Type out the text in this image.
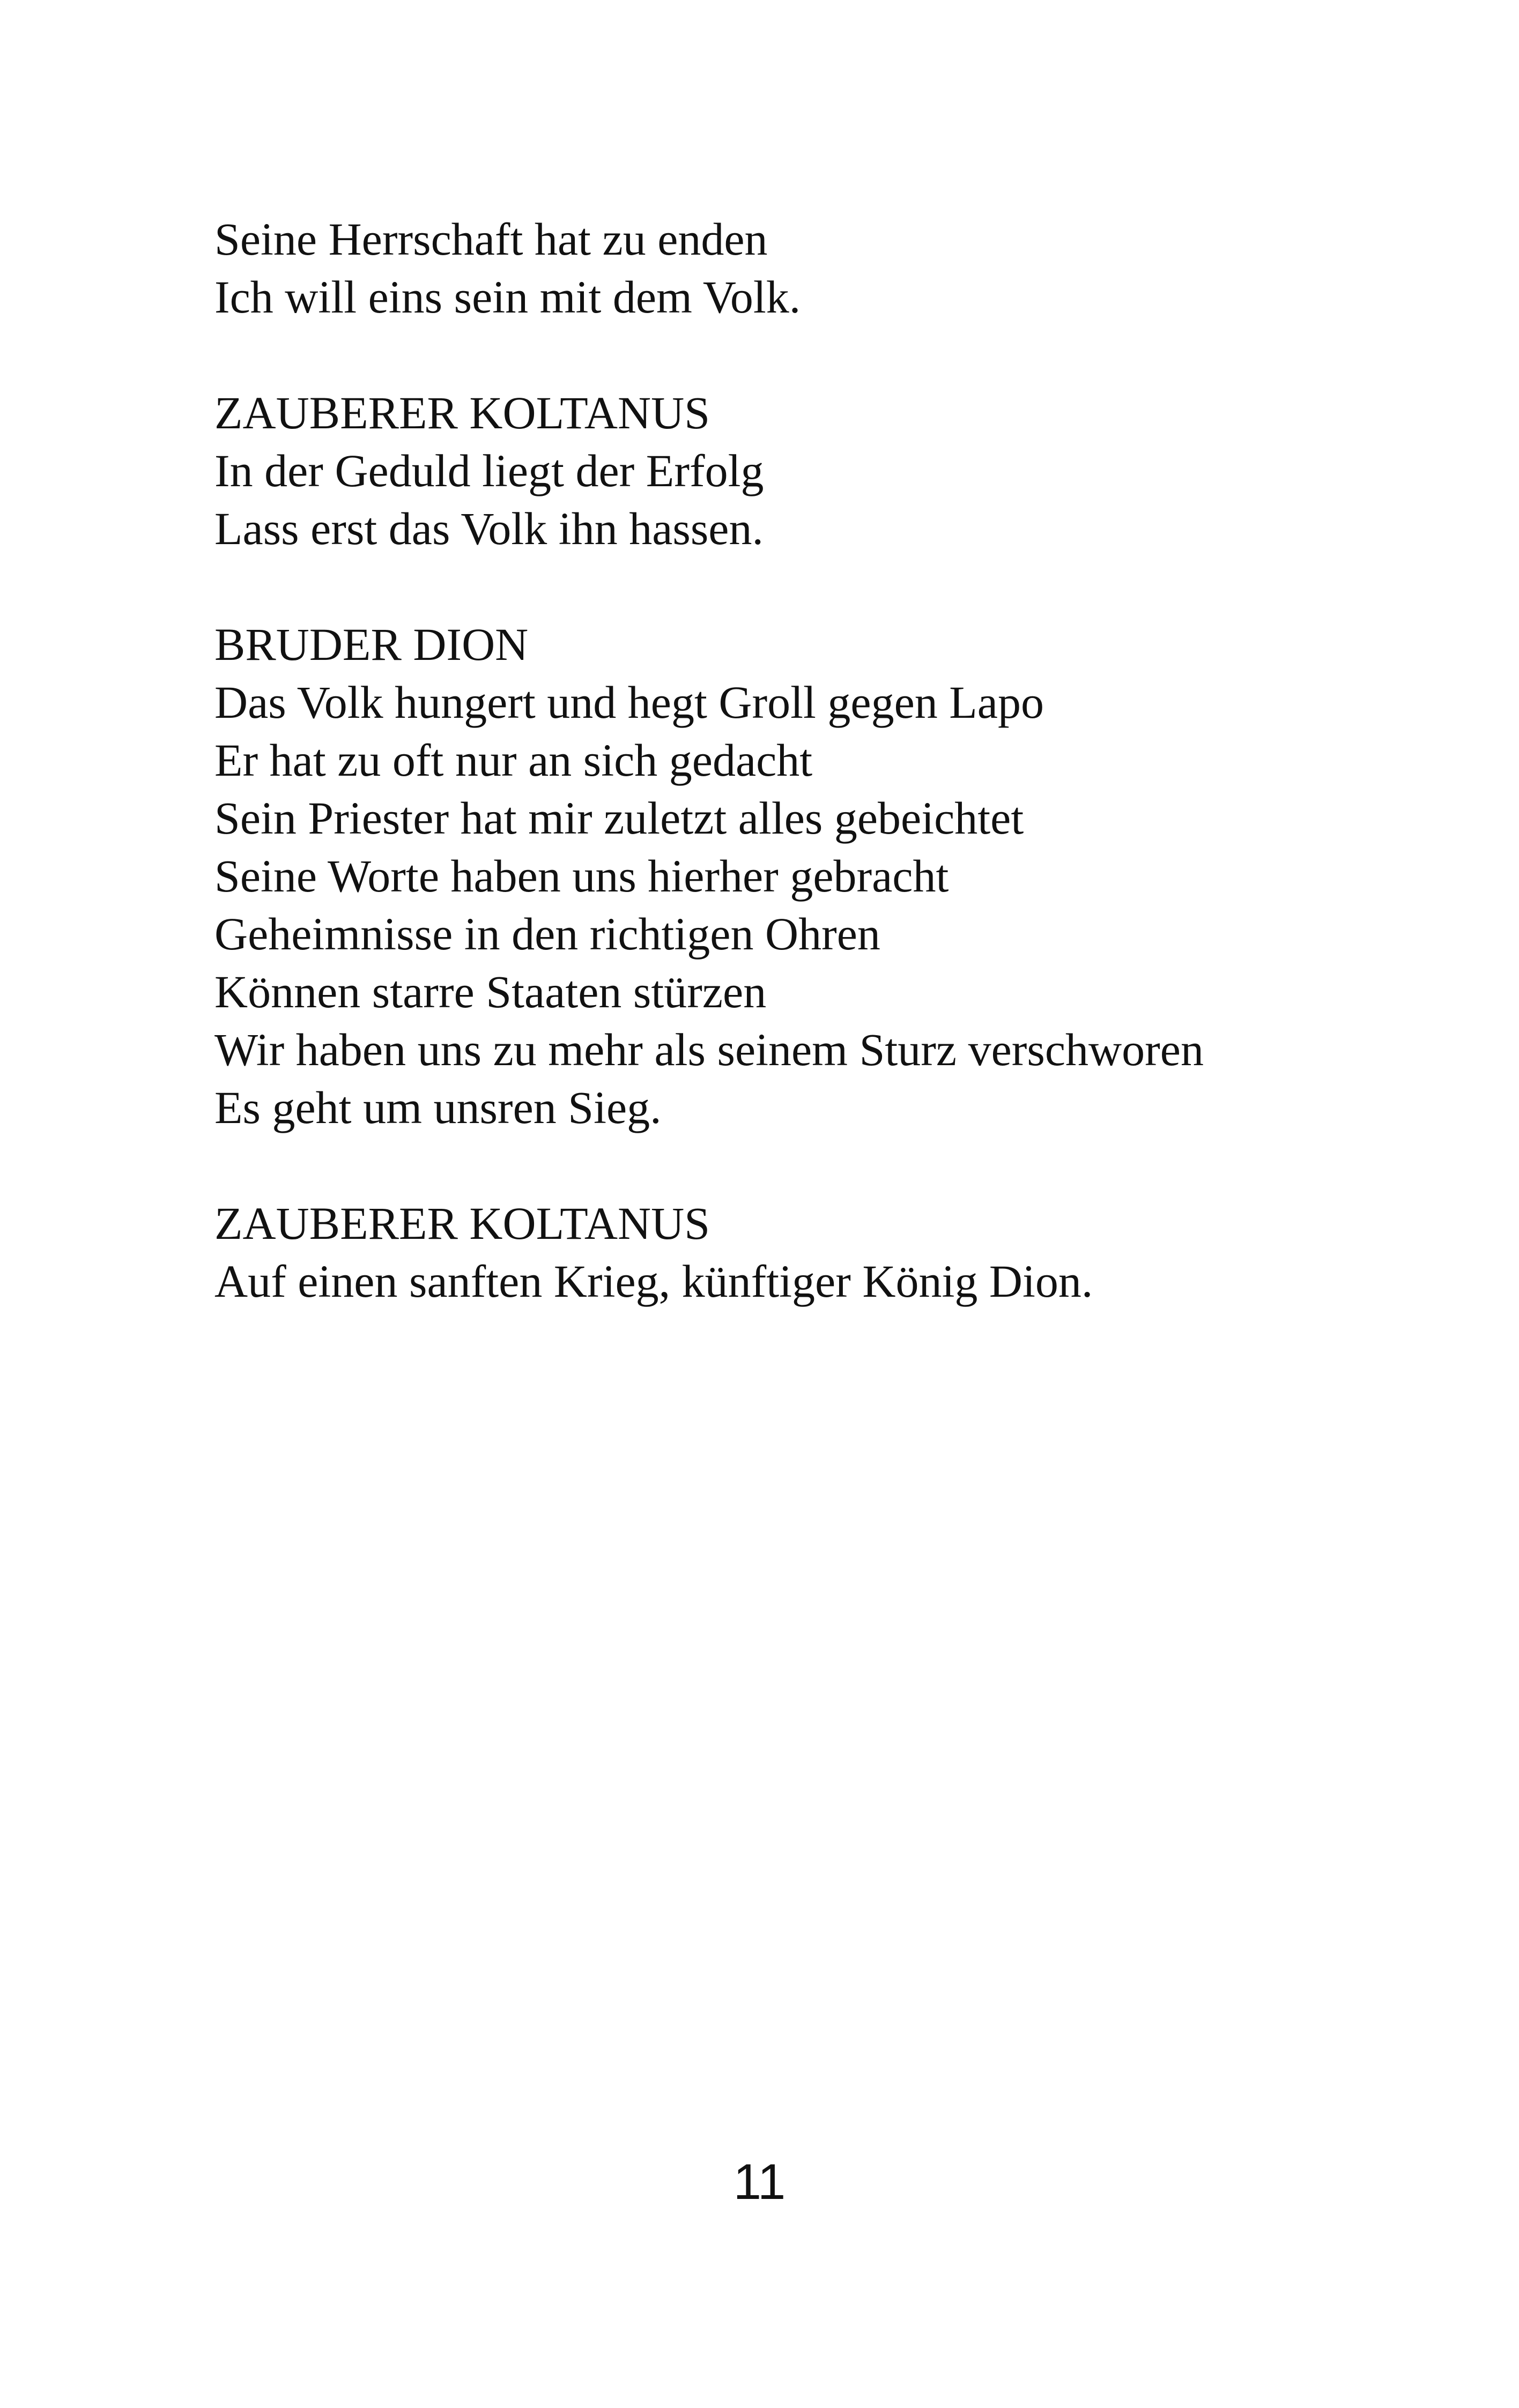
Seine Herrschaft hat zu enden
Ich will eins sein mit dem Volk.
ZAUBERER KOLTANUS
In der Geduld liegt der Erfolg
Lass erst das Volk ihn hassen.
BRUDER DION
Das Volk hungert und hegt Groll gegen Lapo
Er hat zu oft nur an sich gedacht
Sein Priester hat mir zuletzt alles gebeichtet
Seine Worte haben uns hierher gebracht
Geheimnisse in den richtigen Ohren
Können starre Staaten stürzen
Wir haben uns zu mehr als seinem Sturz verschworen
Es geht um unsren Sieg.
ZAUBERER KOLTANUS
Auf einen sanften Krieg, künftiger König Dion.
11
